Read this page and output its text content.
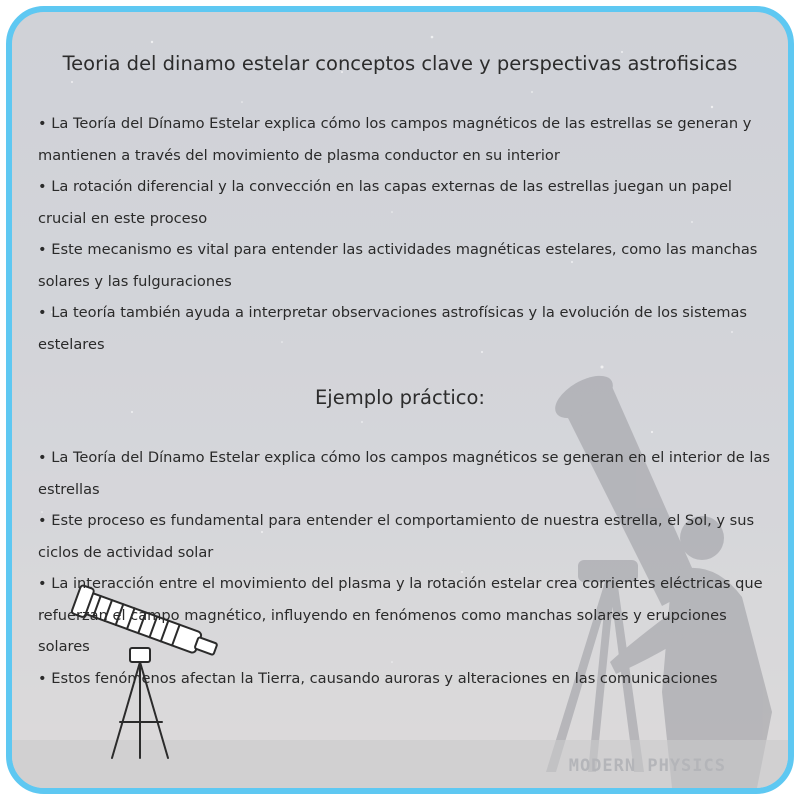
Teoria del dinamo estelar conceptos clave y perspectivas astrofisicas
• La Teoría del Dínamo Estelar explica cómo los campos magnéticos de las estrellas se generan y mantienen a través del movimiento de plasma conductor en su interior
• La rotación diferencial y la convección en las capas externas de las estrellas juegan un papel crucial en este proceso
• Este mecanismo es vital para entender las actividades magnéticas estelares, como las manchas solares y las fulguraciones
• La teoría también ayuda a interpretar observaciones astrofísicas y la evolución de los sistemas estelares
Ejemplo práctico:
• La Teoría del Dínamo Estelar explica cómo los campos magnéticos se generan en el interior de las estrellas
• Este proceso es fundamental para entender el comportamiento de nuestra estrella, el Sol, y sus ciclos de actividad solar
• La interacción entre el movimiento del plasma y la rotación estelar crea corrientes eléctricas que refuerzan el campo magnético, influyendo en fenómenos como manchas solares y erupciones solares
• Estos fenómenos afectan la Tierra, causando auroras y alteraciones en las comunicaciones
MODERN PHYSICS
